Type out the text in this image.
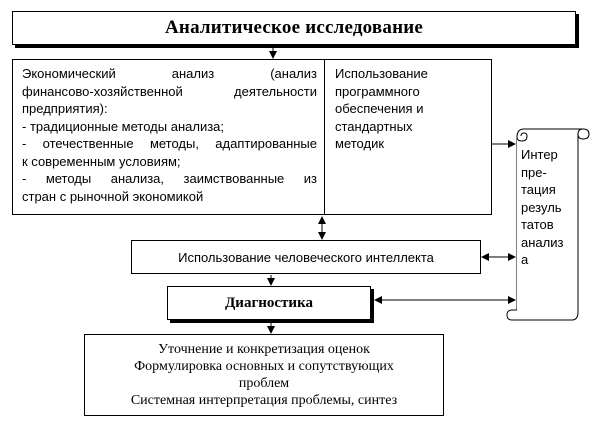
Аналитическое исследование
Экономический анализ (анализ
финансово-хозяйственной деятельности
предприятия):
- традиционные методы анализа;
- отечественные методы, адаптированные
к современным условиям;
- методы анализа, заимствованные из
стран с рыночной экономикой
Использование
программного
обеспечения и
стандартных
методик
Использование человеческого интеллекта
Диагностика
Уточнение и конкретизация оценок
Формулировка основных и сопутствующих
проблем
Системная интерпретация проблемы, синтез
Интер
пре-
тация
резуль
татов
анализ
а
